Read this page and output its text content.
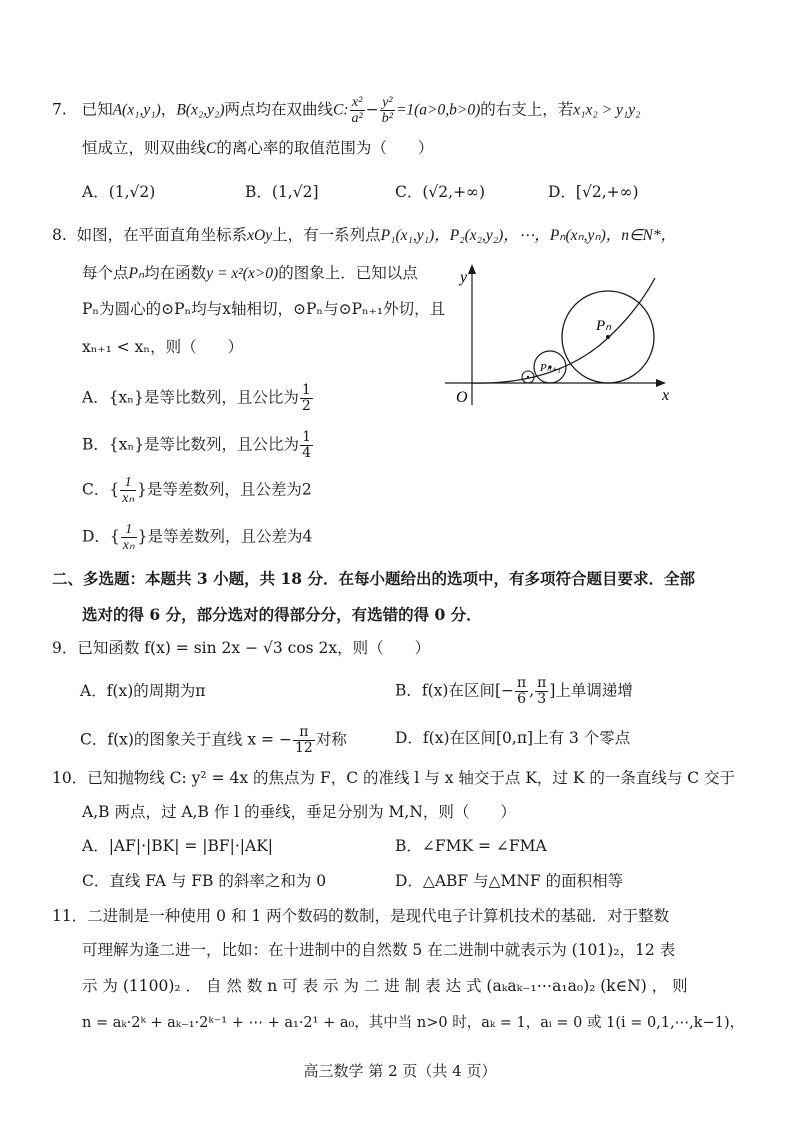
7. 已知A(x₁,y₁)，B(x₂,y₂)两点均在双曲线C: $\frac{\text{x²}}{\text{a²}} - \frac{\text{y²}}{\text{b²}} =1(a>0,b>0)$的右支上，若x₁x₂ > y₁y₂
恒成立，则双曲线C的离心率的取值范围为（　　）
A．(1,√2)	B．(1,√2]	C．(√2,+∞)	D．[√2,+∞)
8. 如图，在平面直角坐标系xOy上，有一系列点P₁(x₁,y₁)，P₂(x₂,y₂)，⋯，Pₙ(xₙ,yₙ)，n∈N*，
每个点Pₙ均在函数y = x²(x>0)的图象上．已知以点
Pₙ为圆心的⊙Pₙ均与x轴相切，⊙Pₙ与⊙Pₙ₊₁外切，且
xₙ₊₁ < xₙ，则（　　）
A．{xₙ}是等比数列，且公比为 $\frac{1}{2}$
B．{xₙ}是等比数列，且公比为 $\frac{1}{4}$
C．{ $\frac{1}{\text{xₙ}}$ }是等差数列，且公差为2
D．{ $\frac{1}{\text{xₙ}}$ }是等差数列，且公差为4
y
x
O
Pₙ
Pₙ₊₁
二、多选题：本题共 3 小题，共 18 分．在每小题给出的选项中，有多项符合题目要求．全部
选对的得 6 分，部分选对的得部分分，有选错的得 0 分．
9．已知函数 f(x) = sin 2x − √3 cos 2x，则（　　）
A．f(x)的周期为π	B．f(x)在区间[− $\frac{\pi}{6}$ , $\frac{\pi}{3}$ ]上单调递增
C．f(x)的图象关于直线 x = − $\frac{\pi}{12}$ 对称	D．f(x)在区间[0,π]上有 3 个零点
10．已知抛物线 C: y² = 4x 的焦点为 F，C 的准线 l 与 x 轴交于点 K，过 K 的一条直线与 C 交于
A,B 两点，过 A,B 作 l 的垂线，垂足分别为 M,N，则（　　）
A．|AF|·|BK| = |BF|·|AK|	B．∠FMK = ∠FMA
C．直线 FA 与 FB 的斜率之和为 0	D．△ABF 与△MNF 的面积相等
11．二进制是一种使用 0 和 1 两个数码的数制，是现代电子计算机技术的基础．对于整数
可理解为逢二进一，比如：在十进制中的自然数 5 在二进制中就表示为 (101)₂，12 表
示 为 (1100)₂ ． 自 然 数 n 可 表 示 为 二 进 制 表 达 式 (aₖaₖ₋₁⋯a₁a₀)₂ (k∈N) ， 则
n = aₖ·2ᵏ + aₖ₋₁·2ᵏ⁻¹ + ⋯ + a₁·2¹ + a₀，其中当 n>0 时，aₖ = 1，aᵢ = 0 或 1(i = 0,1,⋯,k−1)，
高三数学 第 2 页（共 4 页）
